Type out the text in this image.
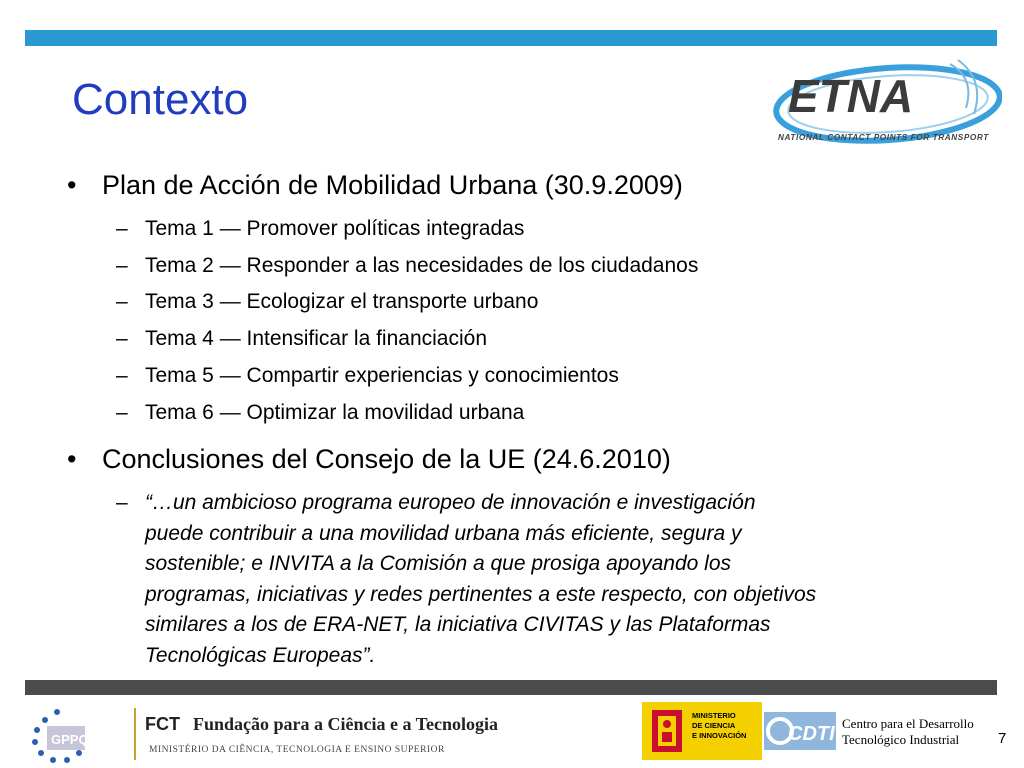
Contexto	ETNA
NATIONAL CONTACT POINTS FOR TRANSPORT
• Plan de Acción de Mobilidad Urbana (30.9.2009)
– Tema 1 — Promover políticas integradas
– Tema 2 — Responder a las necesidades de los ciudadanos
– Tema 3 — Ecologizar el transporte urbano
– Tema 4 — Intensificar la financiación
– Tema 5 — Compartir experiencias y conocimientos
– Tema 6 — Optimizar la movilidad urbana
• Conclusiones del Consejo de la UE (24.6.2010)
– “…un ambicioso programa europeo de innovación e investigación
puede contribuir a una movilidad urbana más eficiente, segura y
sostenible; e INVITA a la Comisión a que prosiga apoyando los
programas, iniciativas y redes pertinentes a este respecto, con objetivos
similares a los de ERA-NET, la iniciativa CIVITAS y las Plataformas
Tecnológicas Europeas”.
GPPQ
FCT Fundação para a Ciência e a Tecnologia
MINISTÉRIO DA CIÊNCIA, TECNOLOGIA E ENSINO SUPERIOR
MINISTERIO
DE CIENCIA
E INNOVACIÓN CDTI Centro para el Desarrollo
Tecnológico Industrial	7
